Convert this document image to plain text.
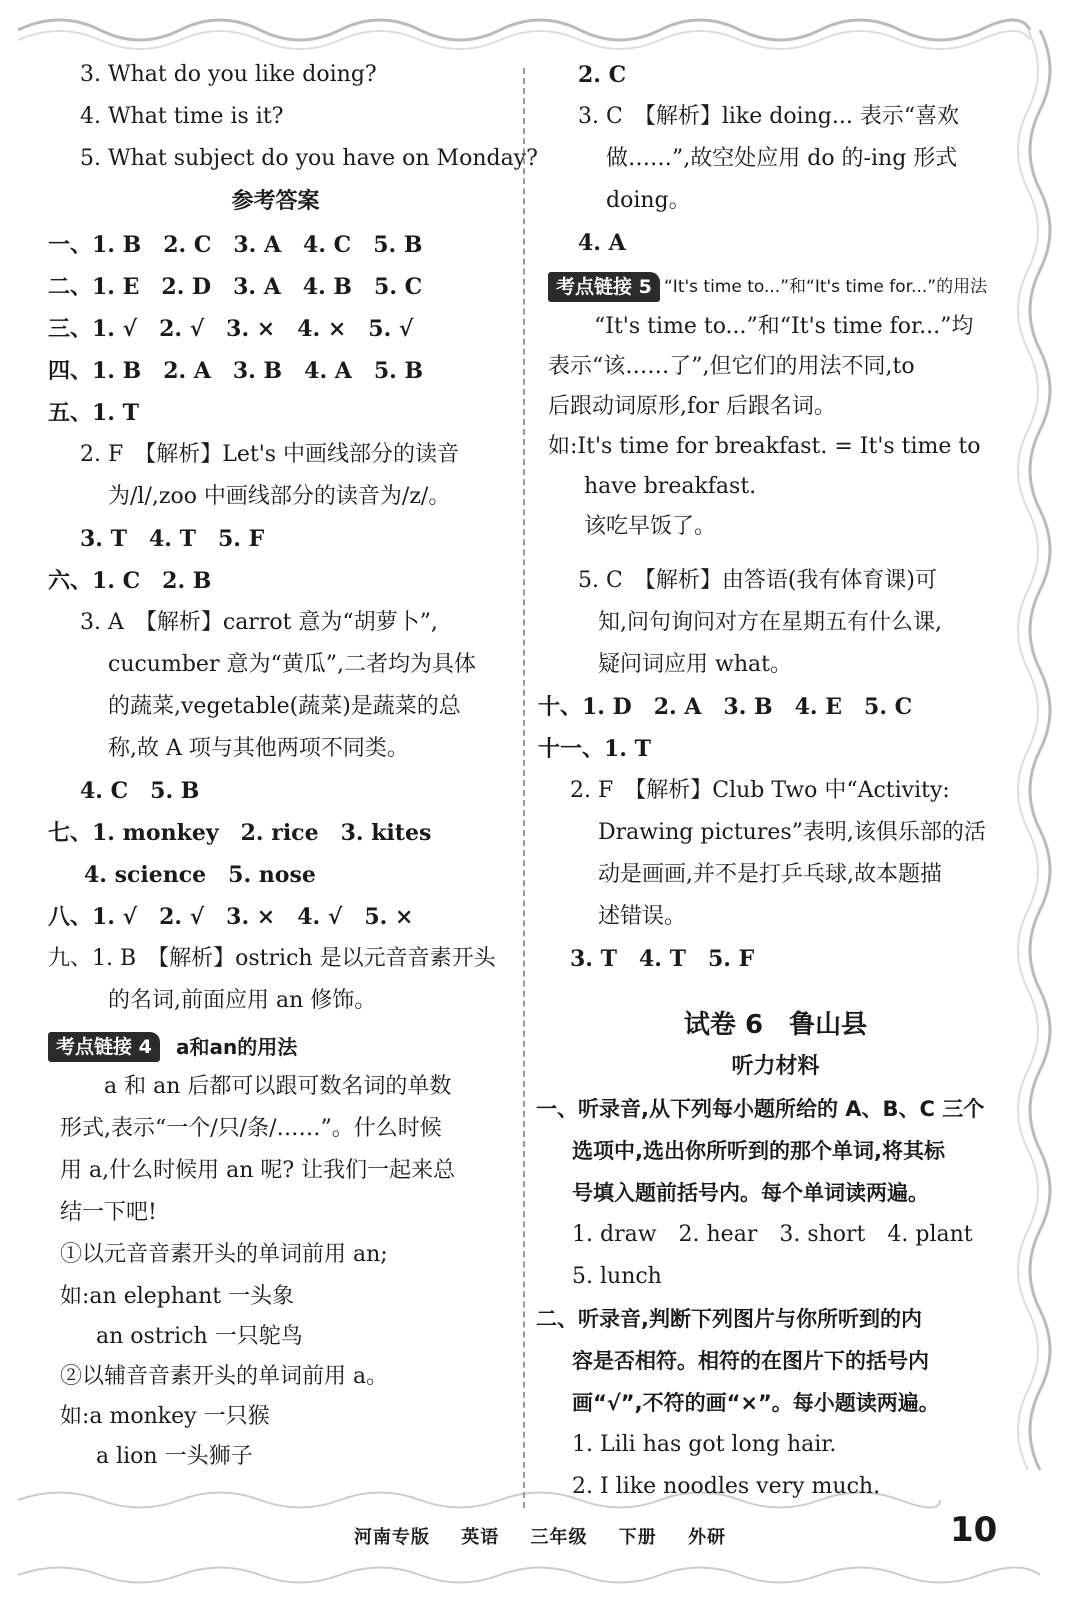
3. What do you like doing?
4. What time is it?
5. What subject do you have on Monday?
参考答案
一、1. B　2. C　3. A　4. C　5. B
二、1. E　2. D　3. A　4. B　5. C
三、1. √　2. √　3. ×　4. ×　5. √
四、1. B　2. A　3. B　4. A　5. B
五、1. T
2. F　【解析】Let's 中画线部分的读音
为/l/,zoo 中画线部分的读音为/z/。
3. T　4. T　5. F
六、1. C　2. B
3. A　【解析】carrot 意为“胡萝卜”,
cucumber 意为“黄瓜”,二者均为具体
的蔬菜,vegetable(蔬菜)是蔬菜的总
称,故 A 项与其他两项不同类。
4. C　5. B
七、1. monkey　2. rice　3. kites
4. science　5. nose
八、1. √　2. √　3. ×　4. √　5. ×
九、1. B　【解析】ostrich 是以元音音素开头
的名词,前面应用 an 修饰。
考点链接 4	a和an的用法
a 和 an 后都可以跟可数名词的单数
形式,表示“一个/只/条/……”。什么时候
用 a,什么时候用 an 呢? 让我们一起来总
结一下吧!
①以元音音素开头的单词前用 an;
如:an elephant 一头象
an ostrich 一只鸵鸟
②以辅音音素开头的单词前用 a。
如:a monkey 一只猴
a lion 一头狮子
2. C
3. C　【解析】like doing... 表示“喜欢
做……”,故空处应用 do 的-ing 形式
doing。
4. A
考点链接 5 “It's time to...”和“It's time for...”的用法
“It's time to...”和“It's time for...”均
表示“该……了”,但它们的用法不同,to
后跟动词原形,for 后跟名词。
如:It's time for breakfast. = It's time to
have breakfast.
该吃早饭了。
5. C　【解析】由答语(我有体育课)可
知,问句询问对方在星期五有什么课,
疑问词应用 what。
十、1. D　2. A　3. B　4. E　5. C
十一、1. T
2. F　【解析】Club Two 中“Activity:
Drawing pictures”表明,该俱乐部的活
动是画画,并不是打乒乓球,故本题描
述错误。
3. T　4. T　5. F
试卷 6　鲁山县
听力材料
一、听录音,从下列每小题所给的 A、B、C 三个
选项中,选出你所听到的那个单词,将其标
号填入题前括号内。每个单词读两遍。
1. draw　2. hear　3. short　4. plant
5. lunch
二、听录音,判断下列图片与你所听到的内
容是否相符。相符的在图片下的括号内
画“√”,不符的画“×”。每小题读两遍。
1. Lili has got long hair.
2. I like noodles very much.
河南专版 英语 三年级 下册 外研	10
